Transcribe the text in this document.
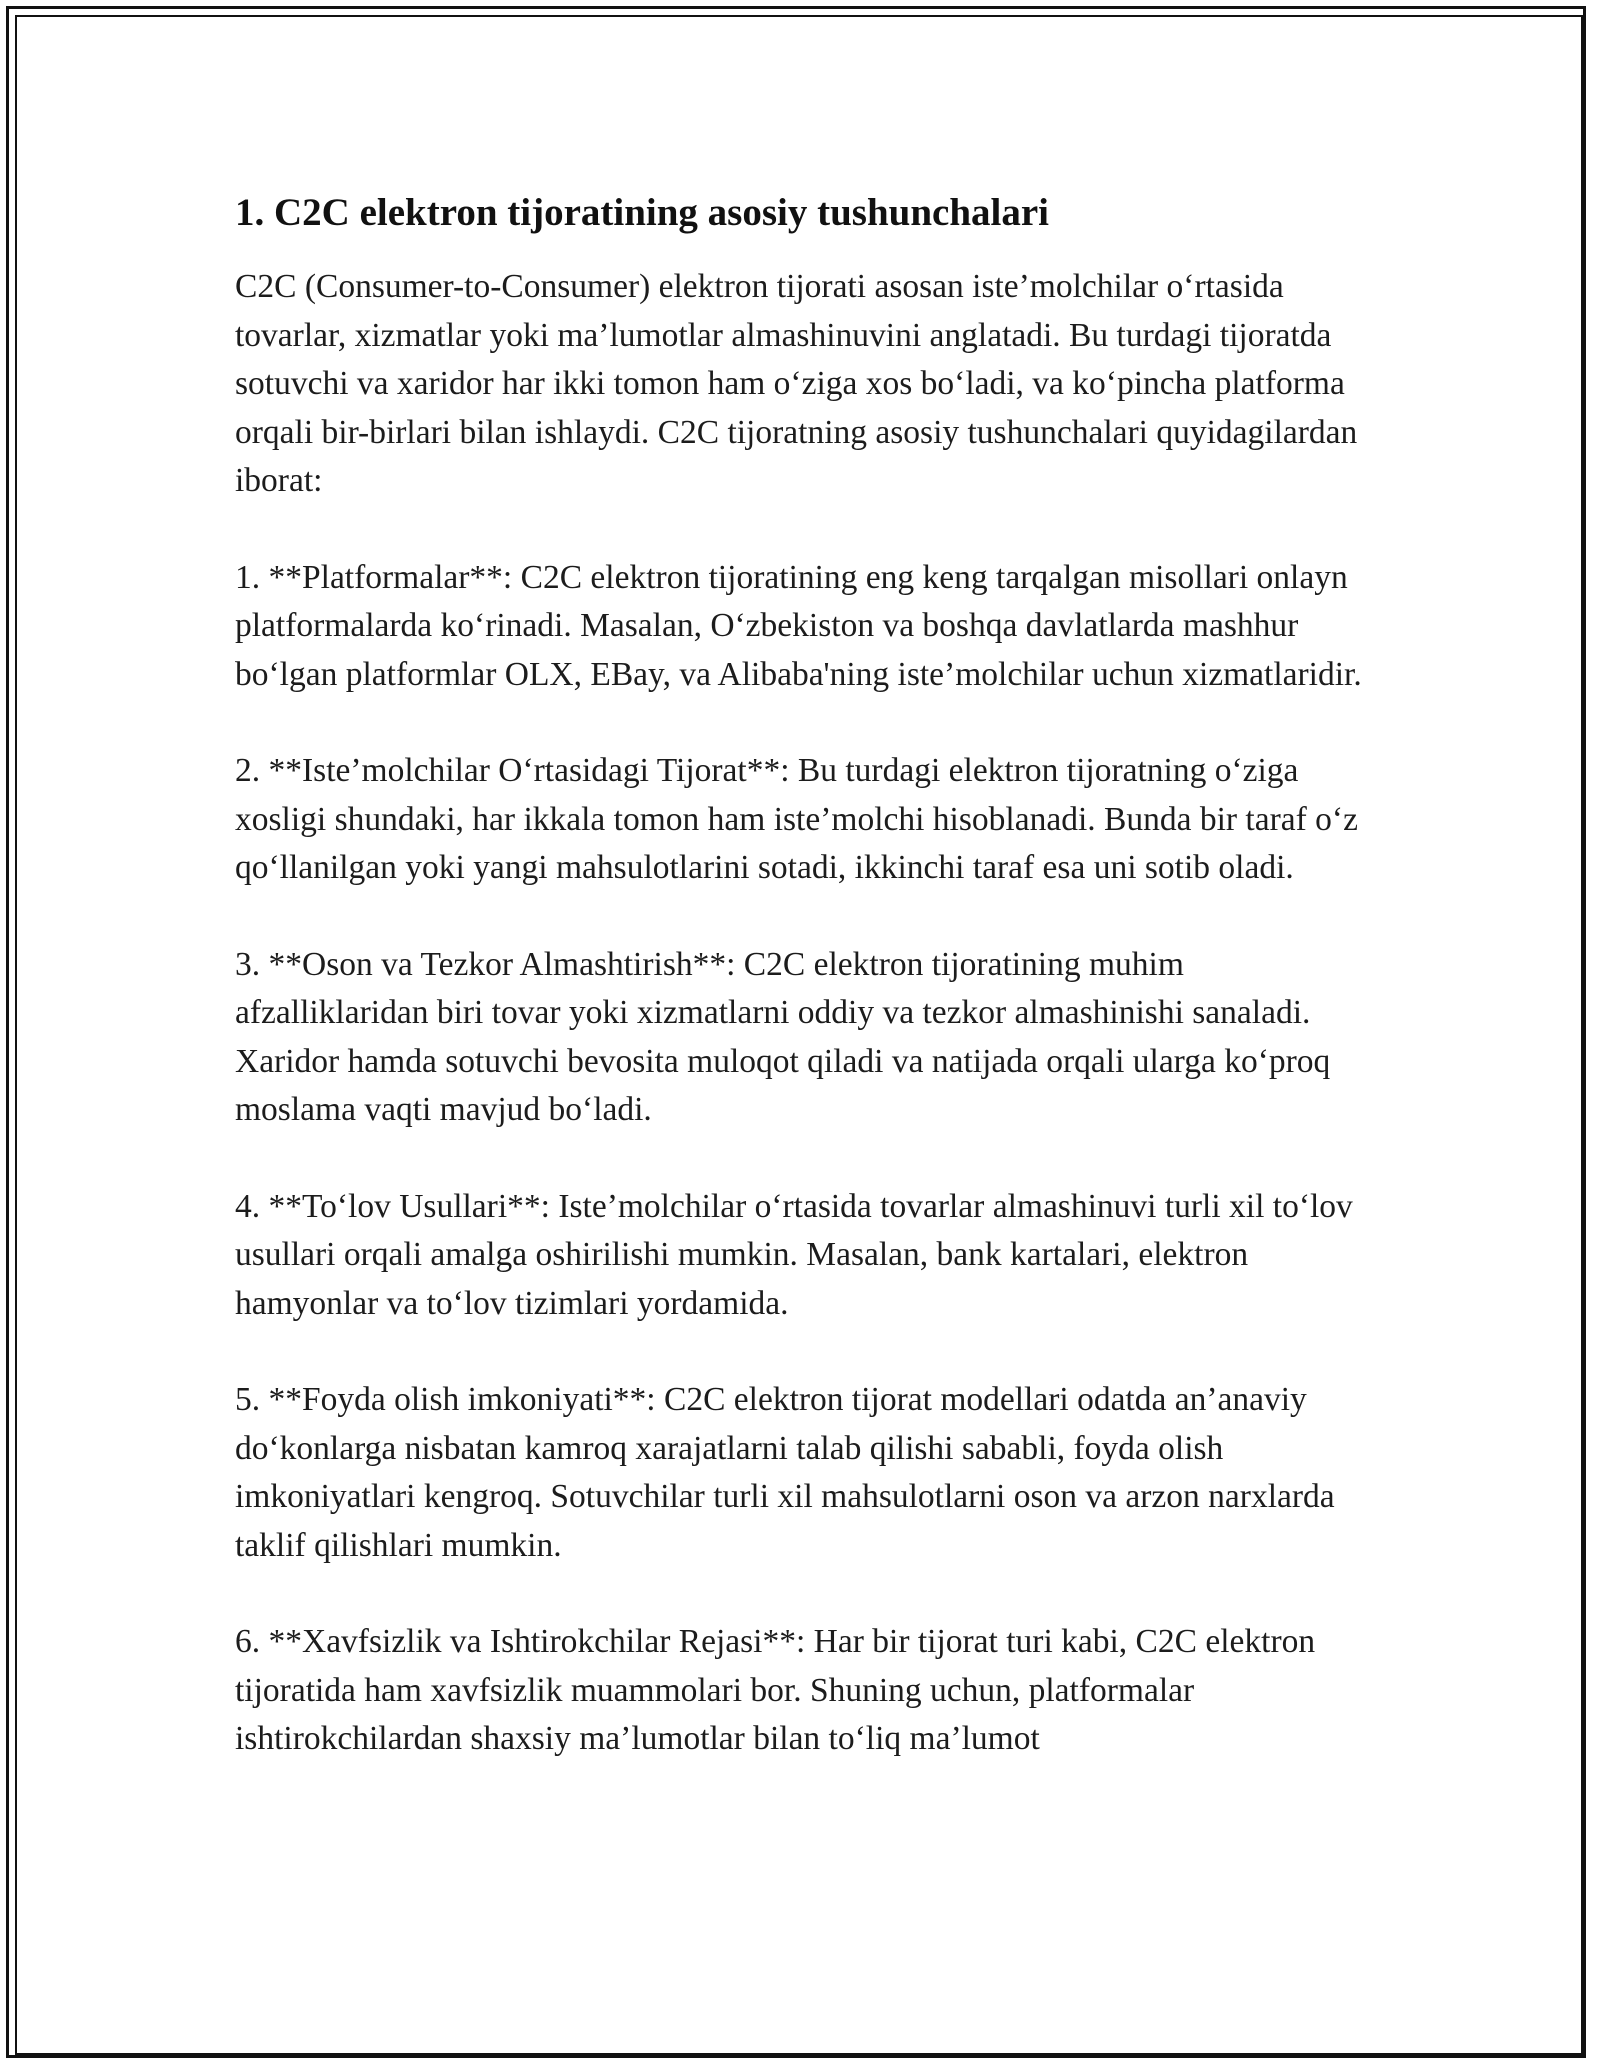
1. C2C elektron tijoratining asosiy tushunchalari

C2C (Consumer-to-Consumer) elektron tijorati asosan iste’molchilar o‘rtasida tovarlar, xizmatlar yoki ma’lumotlar almashinuvini anglatadi. Bu turdagi tijoratda sotuvchi va xaridor har ikki tomon ham o‘ziga xos bo‘ladi, va ko‘pincha platforma orqali bir-birlari bilan ishlaydi. C2C tijoratning asosiy tushunchalari quyidagilardan iborat:

1. **Platformalar**: C2C elektron tijoratining eng keng tarqalgan misollari onlayn platformalarda ko‘rinadi. Masalan, O‘zbekiston va boshqa davlatlarda mashhur bo‘lgan platformlar OLX, EBay, va Alibaba'ning iste’molchilar uchun xizmatlaridir.

2. **Iste’molchilar O‘rtasidagi Tijorat**: Bu turdagi elektron tijoratning o‘ziga xosligi shundaki, har ikkala tomon ham iste’molchi hisoblanadi. Bunda bir taraf o‘z qo‘llanilgan yoki yangi mahsulotlarini sotadi, ikkinchi taraf esa uni sotib oladi.

3. **Oson va Tezkor Almashtirish**: C2C elektron tijoratining muhim afzalliklaridan biri tovar yoki xizmatlarni oddiy va tezkor almashinishi sanaladi. Xaridor hamda sotuvchi bevosita muloqot qiladi va natijada orqali ularga ko‘proq moslama vaqti mavjud bo‘ladi.

4. **To‘lov Usullari**: Iste’molchilar o‘rtasida tovarlar almashinuvi turli xil to‘lov usullari orqali amalga oshirilishi mumkin. Masalan, bank kartalari, elektron hamyonlar va to‘lov tizimlari yordamida.

5. **Foyda olish imkoniyati**: C2C elektron tijorat modellari odatda an’anaviy do‘konlarga nisbatan kamroq xarajatlarni talab qilishi sababli, foyda olish imkoniyatlari kengroq. Sotuvchilar turli xil mahsulotlarni oson va arzon narxlarda taklif qilishlari mumkin.

6. **Xavfsizlik va Ishtirokchilar Rejasi**: Har bir tijorat turi kabi, C2C elektron tijoratida ham xavfsizlik muammolari bor. Shuning uchun, platformalar ishtirokchilardan shaxsiy ma’lumotlar bilan to‘liq ma’lumot
